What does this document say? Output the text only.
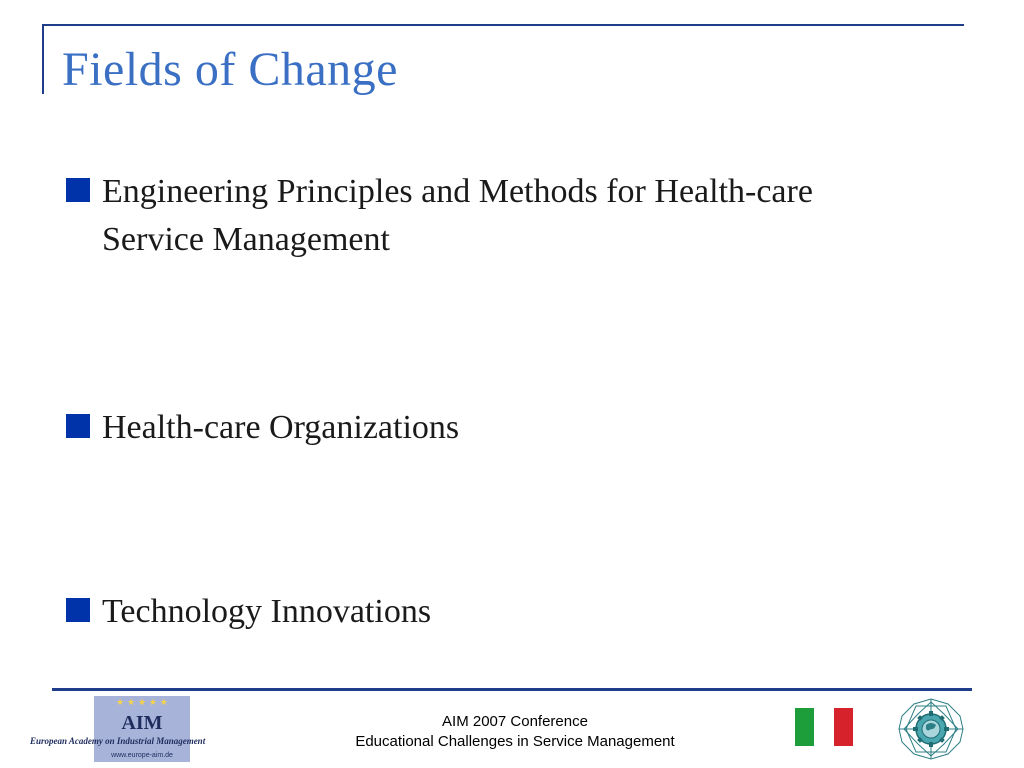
Fields of Change
Engineering Principles and Methods for Health-care Service Management
Health-care Organizations
Technology Innovations
★ ★ ★ ★ ★
AIM
www.europe-aim.de
European Academy on Industrial Management
AIM 2007 Conference
Educational Challenges in Service Management
